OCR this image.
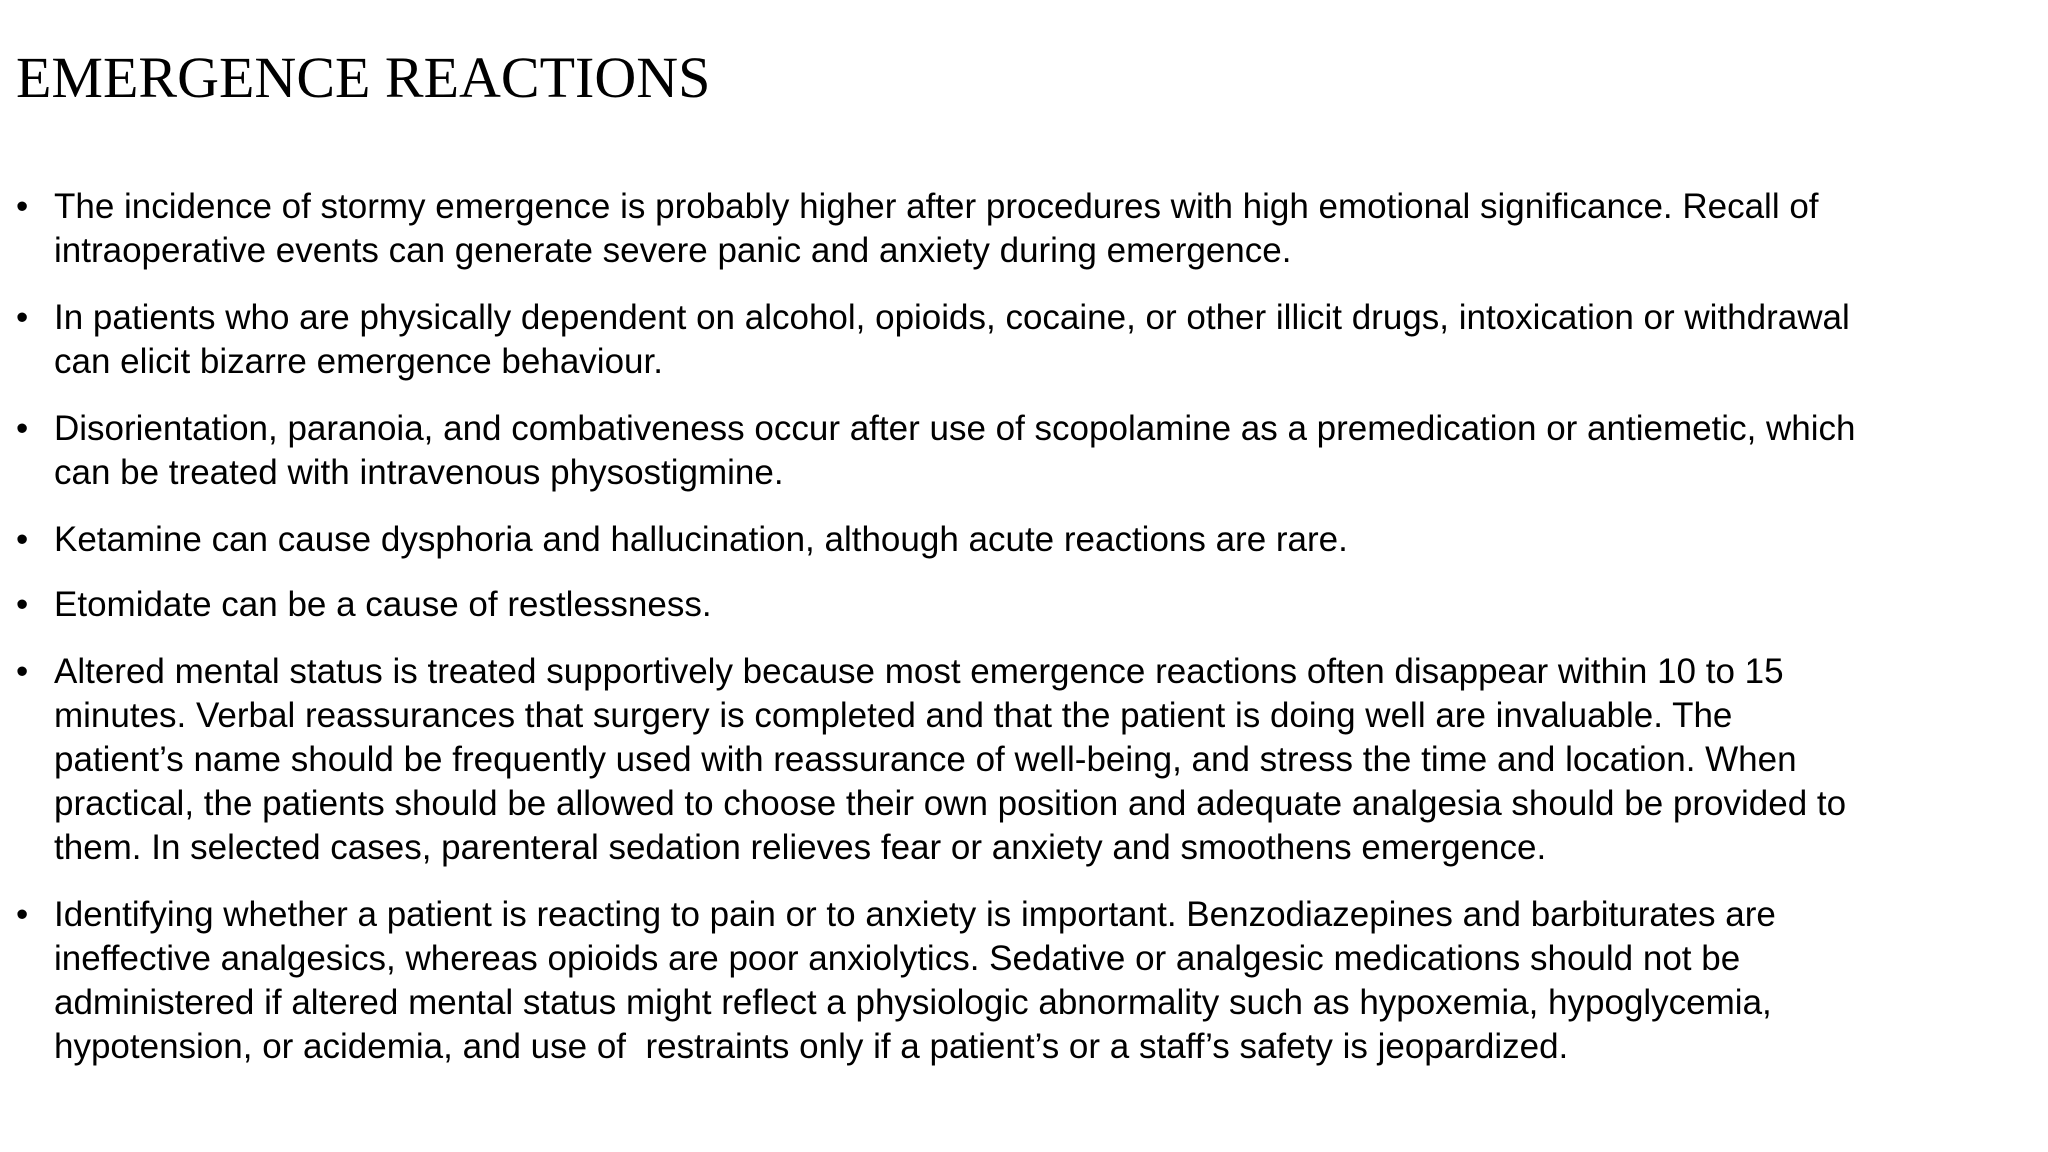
EMERGENCE REACTIONS
• The incidence of stormy emergence is probably higher after procedures with high emotional significance. Recall of
intraoperative events can generate severe panic and anxiety during emergence.
• In patients who are physically dependent on alcohol, opioids, cocaine, or other illicit drugs, intoxication or withdrawal
can elicit bizarre emergence behaviour.
• Disorientation, paranoia, and combativeness occur after use of scopolamine as a premedication or antiemetic, which
can be treated with intravenous physostigmine.
• Ketamine can cause dysphoria and hallucination, although acute reactions are rare.
• Etomidate can be a cause of restlessness.
• Altered mental status is treated supportively because most emergence reactions often disappear within 10 to 15
minutes. Verbal reassurances that surgery is completed and that the patient is doing well are invaluable. The
patient’s name should be frequently used with reassurance of well-being, and stress the time and location. When
practical, the patients should be allowed to choose their own position and adequate analgesia should be provided to
them. In selected cases, parenteral sedation relieves fear or anxiety and smoothens emergence.
• Identifying whether a patient is reacting to pain or to anxiety is important. Benzodiazepines and barbiturates are
ineffective analgesics, whereas opioids are poor anxiolytics. Sedative or analgesic medications should not be
administered if altered mental status might reflect a physiologic abnormality such as hypoxemia, hypoglycemia,
hypotension, or acidemia, and use of  restraints only if a patient’s or a staff’s safety is jeopardized.
